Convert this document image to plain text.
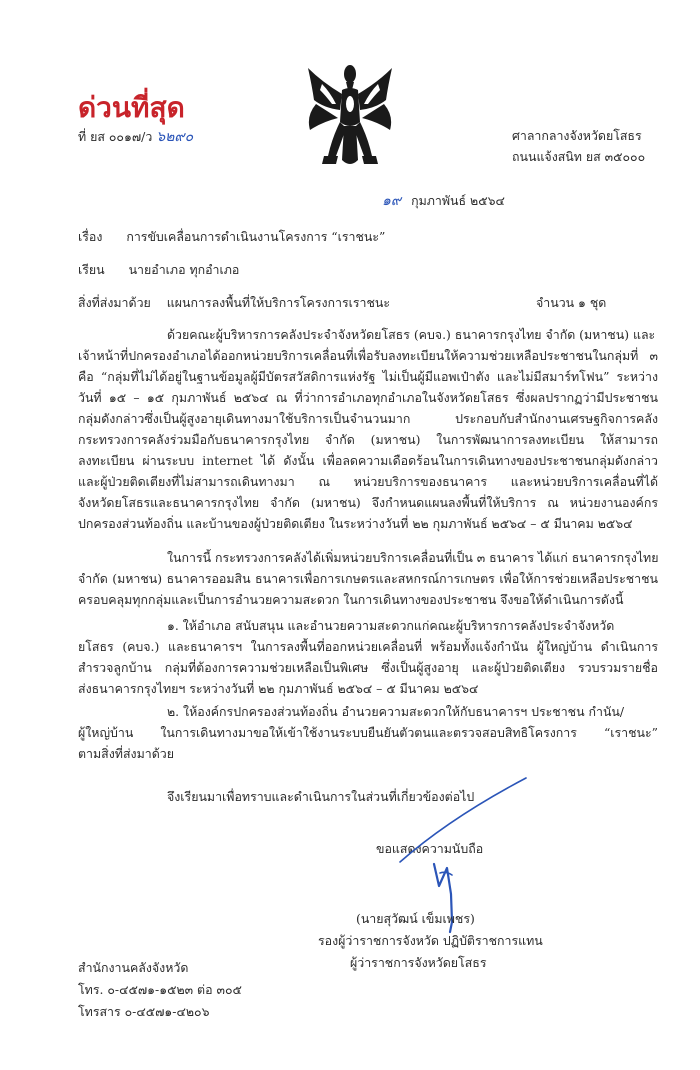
ด่วนที่สุด
ที่ ยส ๐๐๑๗/ว ๖๒๙๐	ศาลากลางจังหวัดยโสธร
ถนนแจ้งสนิท ยส ๓๕๐๐๐
๑๙ กุมภาพันธ์ ๒๕๖๔
เรื่อง การขับเคลื่อนการดำเนินงานโครงการ “เราชนะ”
เรียน นายอำเภอ ทุกอำเภอ
สิ่งที่ส่งมาด้วย แผนการลงพื้นที่ให้บริการโครงการเราชนะ	จำนวน ๑ ชุด
ด้วยคณะผู้บริหารการคลังประจำจังหวัดยโสธร (คบจ.) ธนาคารกรุงไทย จำกัด (มหาชน) และ
เจ้าหน้าที่ปกครองอำเภอได้ออกหน่วยบริการเคลื่อนที่เพื่อรับลงทะเบียนให้ความช่วยเหลือประชาชนในกลุ่มที่ ๓
คือ “กลุ่มที่ไม่ได้อยู่ในฐานข้อมูลผู้มีบัตรสวัสดิการแห่งรัฐ ไม่เป็นผู้มีแอพเป๋าตัง และไม่มีสมาร์ทโฟน” ระหว่าง
วันที่ ๑๕ – ๑๕ กุมภาพันธ์ ๒๕๖๔ ณ ที่ว่าการอำเภอทุกอำเภอในจังหวัดยโสธร ซึ่งผลปรากฏว่ามีประชาชน
กลุ่มดังกล่าวซึ่งเป็นผู้สูงอายุเดินทางมาใช้บริการเป็นจำนวนมาก ประกอบกับสำนักงานเศรษฐกิจการคลัง
กระทรวงการคลังร่วมมือกับธนาคารกรุงไทย จำกัด (มหาชน) ในการพัฒนาการลงทะเบียน ให้สามารถ
ลงทะเบียน ผ่านระบบ internet ได้ ดังนั้น เพื่อลดความเดือดร้อนในการเดินทางของประชาชนกลุ่มดังกล่าว
และผู้ป่วยติดเตียงที่ไม่สามารถเดินทางมา ณ หน่วยบริการของธนาคาร และหน่วยบริการเคลื่อนที่ได้
จังหวัดยโสธรและธนาคารกรุงไทย จำกัด (มหาชน) จึงกำหนดแผนลงพื้นที่ให้บริการ ณ หน่วยงานองค์กร
ปกครองส่วนท้องถิ่น และบ้านของผู้ป่วยติดเตียง ในระหว่างวันที่ ๒๒ กุมภาพันธ์ ๒๕๖๔ – ๕ มีนาคม ๒๕๖๔
ในการนี้ กระทรวงการคลังได้เพิ่มหน่วยบริการเคลื่อนที่เป็น ๓ ธนาคาร ได้แก่ ธนาคารกรุงไทย
จำกัด (มหาชน) ธนาคารออมสิน ธนาคารเพื่อการเกษตรและสหกรณ์การเกษตร เพื่อให้การช่วยเหลือประชาชน
ครอบคลุมทุกกลุ่มและเป็นการอำนวยความสะดวก ในการเดินทางของประชาชน จึงขอให้ดำเนินการดังนี้
๑. ให้อำเภอ สนับสนุน และอำนวยความสะดวกแก่คณะผู้บริหารการคลังประจำจังหวัด
ยโสธร (คบจ.) และธนาคารฯ ในการลงพื้นที่ออกหน่วยเคลื่อนที่ พร้อมทั้งแจ้งกำนัน ผู้ใหญ่บ้าน ดำเนินการ
สำรวจลูกบ้าน กลุ่มที่ต้องการความช่วยเหลือเป็นพิเศษ ซึ่งเป็นผู้สูงอายุ และผู้ป่วยติดเตียง รวบรวมรายชื่อ
ส่งธนาคารกรุงไทยฯ ระหว่างวันที่ ๒๒ กุมภาพันธ์ ๒๕๖๔ – ๕ มีนาคม ๒๕๖๔
๒. ให้องค์กรปกครองส่วนท้องถิ่น อำนวยความสะดวกให้กับธนาคารฯ ประชาชน กำนัน/
ผู้ใหญ่บ้าน ในการเดินทางมาขอให้เข้าใช้งานระบบยืนยันตัวตนและตรวจสอบสิทธิโครงการ “เราชนะ”
ตามสิ่งที่ส่งมาด้วย
จึงเรียนมาเพื่อทราบและดำเนินการในส่วนที่เกี่ยวข้องต่อไป
ขอแสดงความนับถือ
(นายสุวัฒน์ เข็มเพชร)
รองผู้ว่าราชการจังหวัด ปฏิบัติราชการแทน
ผู้ว่าราชการจังหวัดยโสธร
สำนักงานคลังจังหวัด
โทร. ๐-๔๕๗๑-๑๕๒๓ ต่อ ๓๐๕
โทรสาร ๐-๔๕๗๑-๔๒๐๖
